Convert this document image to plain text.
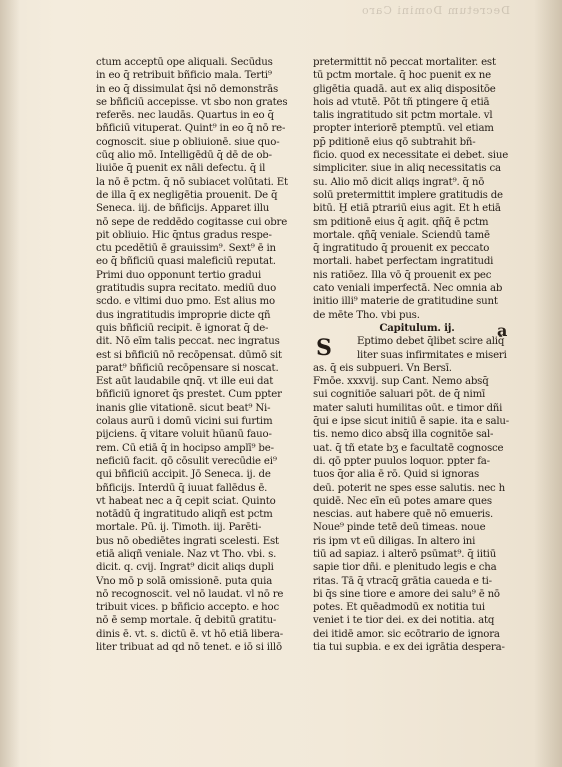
Decretum Domini Caro
ctum acceptū ope aliquali. Secūdus
in eo q̄ retribuit bñficio mala. Terti⁹
in eo q̄ dissimulat q̄si nō demonstrās
se bñficiū accepisse. vt sbo non grates
referēs. nec laudās. Quartus in eo q̄
bñficiū vituperat. Quint⁹ in eo q̄ nō re-
cognoscit. siue p obliuionē. siue quo-
cūq alio mō. Intelligēdū q̄ dē de ob-
liuiōe q̄ puenit ex nāli defectu. q̄ il
la nō ē pctm. q̄ nō subiacet volūtati. Et
de illa q̄ ex negligētia prouenit. De q̄
Seneca. iij. de bñficijs. Apparet illu
nō sepe de reddēdo cogitasse cui obre
pit obliuio. Hic q̄ntus gradus respe-
ctu pcedētiū ē grauissim⁹. Sext⁹ ē in
eo q̄ bñficiū quasi maleficiū reputat.
Primi duo opponunt tertio gradui
gratitudis supra recitato. mediū duo
scdo. e vltimi duo pmo. Est alius mo
dus ingratitudis improprie dicte qñ
quis bñficiū recipit. ē ignorat q̄ de-
dit. Nō eīm talis peccat. nec ingratus
est si bñficiū nō recōpensat. dūmō sit
parat⁹ bñficiū recōpensare si noscat.
Est aūt laudabile qnq̄. vt ille eui dat
bñficiū ignoret q̄s prestet. Cum ppter
inanis glie vitationē. sicut beat⁹ Ni-
colaus aurū i domū vicini sui furtim
pijciens. q̄ vitare voluit hūanū fauo-
rem. Cū etiā q̄ in hocipso amplī⁹ be-
neficiū facit. qō cōsulit verecūdie ei⁹
qui bñficiū accipit. Jō Seneca. ij. de
bñficijs. Interdū q̄ iuuat fallēdus ē.
vt habeat nec a q̄ cepit sciat. Quinto
notādū q̄ ingratitudo aliqñ est pctm
mortale. Pū. ij. Timoth. iij. Parēti-
bus nō obediētes ingrati scelesti. Est
etiā aliqñ veniale. Naz vt Tho. vbi. s.
dicit. q. cvij. Ingrat⁹ dicit aliqs dupli
Vno mō p solā omissionē. puta quia
nō recognoscit. vel nō laudat. vl nō re
tribuit vices. p bñficio accepto. e hoc
nō ē semp mortale. q̄ debitū gratitu-
dinis ē. vt. s. dictū ē. vt hō etiā libera-
liter tribuat ad qd nō tenet. e iō si illō
pretermittit nō peccat mortaliter. est
tū pctm mortale. q̄ hoc puenit ex ne
gligētia quadā. aut ex aliq dispositōe
hois ad vtutē. Pōt tñ ptingere q̄ etiā
talis ingratitudo sit pctm mortale. vl
propter interiorē ptemptū. vel etiam
pp̄ pditionē eius qō subtrahit bñ-
ficio. quod ex necessitate ei debet. siue
simpliciter. siue in aliq necessitatis ca
su. Alio mō dicit aliqs ingrat⁹. q̄ nō
solū pretermittit implere gratitudis de
bitū. Ḫ etiā ptrariū eius agit. Et h̄ etiā
sm pditionē eius q̄ agit. qñq̄ ē pctm
mortale. qñq̄ veniale. Sciendū tamē
q̄ ingratitudo q̄ prouenit ex peccato
mortali. habet perfectam ingratitudi
nis ratiōez. Illa vō q̄ prouenit ex pec
cato veniali imperfectā. Nec omnia ab
initio illi⁹ materie de gratitudine sunt
de mēte Tho. vbi pus.
Capitulum. ij.
Eptimo debet q̄libet scire aliq̄
liter suas infirmitates e miseri
as. q̄ eis subpueri. Vn Bersī.
Fmōe. xxxvij. sup Cant. Nemo absq̄
sui cognitiōe saluari pōt. de q̄ nimī
mater saluti humilitas oūt. e timor dñi
q̄ui e ipse sicut initiū ē sapie. ita e salu-
tis. nemo dico absq̄ illa cognitōe sal-
uat. q̄ tñ etate bʒ e facultatē cognosce
di. qō ppter puulos loquor. ppter fa-
tuos q̄or alia ē rō. Quid si ignoras
deū. poterit ne spes esse salutis. nec h̄
quidē. Nec eīn eū potes amare ques
nescias. aut habere quē nō emueris.
Noue⁹ pinde tetē deū timeas. noue
ris ipm vt eū diligas. In altero ini
tiū ad sapiaz. i alterō psūmat⁹. q̄ iitiū
sapie tior dñi. e plenitudo legis e cha
ritas. Tā q̄ vtracq̄ grātia caueda e ti-
bi q̄s sine tiore e amore dei salu⁹ ē nō
potes. Et quēadmodū ex notitia tui
veniet i te tior dei. ex dei notitia. atq
dei itidē amor. sic ecōtrario de ignora
tia tui supbia. e ex dei igrātia despera-
S
a
